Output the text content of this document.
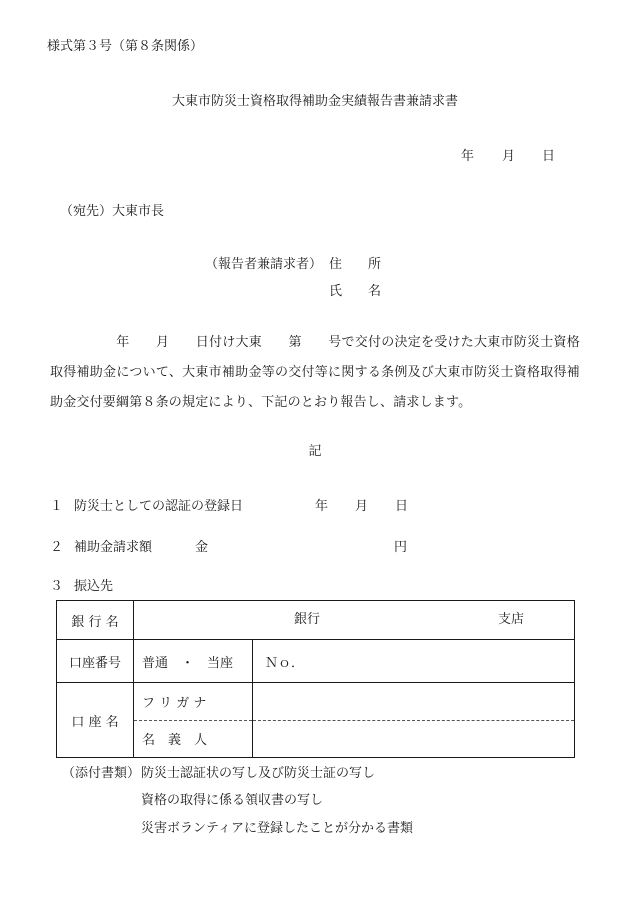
様式第３号（第８条関係）
大東市防災士資格取得補助金実績報告書兼請求書
年 月 日
（宛先）大東市長
（報告者兼請求者） 住　　所
氏　　名
　　　　　年　　月　　日付け大東　　第　　号で交付の決定を受けた大東市防災士資格取得補助金について、大東市補助金等の交付等に関する条例及び大東市防災士資格取得補助金交付要綱第８条の規定により、下記のとおり報告し、請求します。
記
１ 防災士としての認証の登録日	年 月 日
２ 補助金請求額	金	円
３ 振込先
銀 行 名	銀行 支店	

口座番号	普通　・　当座	Ｎｏ．
口 座 名	フ リ ガ ナ	
	名　義　人	
（添付書類） 防災士認証状の写し及び防災士証の写し
資格の取得に係る領収書の写し
災害ボランティアに登録したことが分かる書類
